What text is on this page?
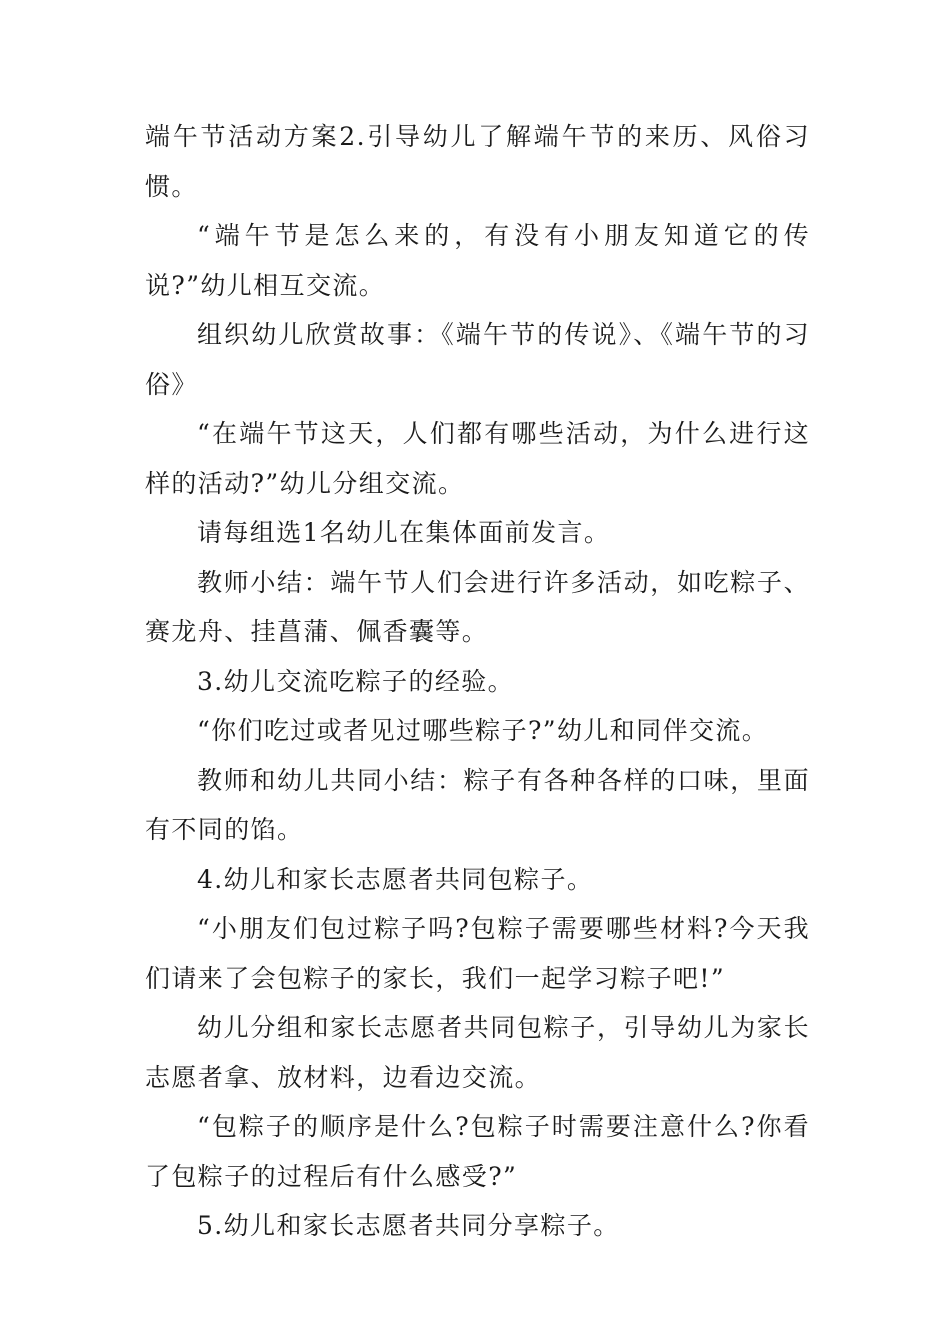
端午节活动方案2.引导幼儿了解端午节的来历、风俗习惯。

“端午节是怎么来的，有没有小朋友知道它的传说?”幼儿相互交流。

组织幼儿欣赏故事：《端午节的传说》、《端午节的习俗》

“在端午节这天，人们都有哪些活动，为什么进行这样的活动?”幼儿分组交流。

请每组选1名幼儿在集体面前发言。

教师小结：端午节人们会进行许多活动，如吃粽子、赛龙舟、挂菖蒲、佩香囊等。

3.幼儿交流吃粽子的经验。

“你们吃过或者见过哪些粽子?”幼儿和同伴交流。

教师和幼儿共同小结：粽子有各种各样的口味，里面有不同的馅。

4.幼儿和家长志愿者共同包粽子。

“小朋友们包过粽子吗?包粽子需要哪些材料?今天我们请来了会包粽子的家长，我们一起学习粽子吧!”

幼儿分组和家长志愿者共同包粽子，引导幼儿为家长志愿者拿、放材料，边看边交流。

“包粽子的顺序是什么?包粽子时需要注意什么?你看了包粽子的过程后有什么感受?”

5.幼儿和家长志愿者共同分享粽子。
